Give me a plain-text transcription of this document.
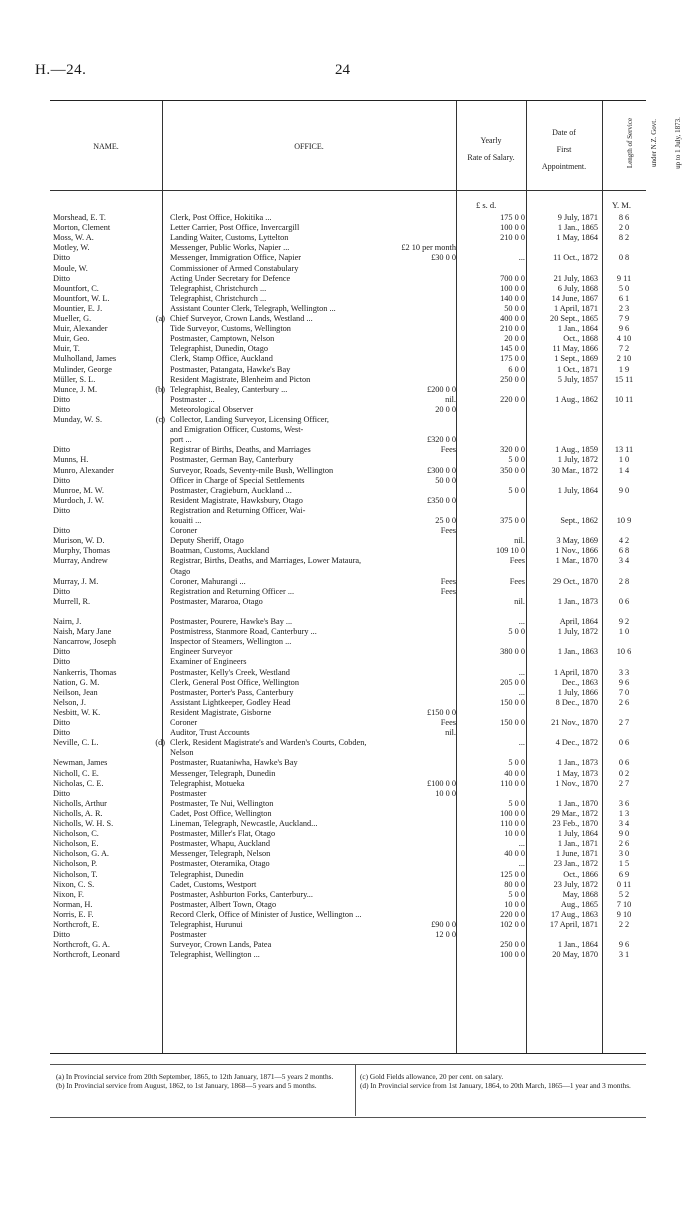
H.—24.	24
NAME.	OFFICE.
Yearly
Rate of Salary.
Date of
First
Appointment.

	Length of Service

under N.Z. Govt.

up to 1 July, 1873.

£ s. d.	Y. M.
Morshead, E. T.	Clerk, Post Office, Hokitika ...	175 0 0	9 July, 1871	8 6
Morton, Clement	Letter Carrier, Post Office, Invercargill	100 0 0	1 Jan., 1865	2 0
Moss, W. A.	Landing Waiter, Customs, Lyttelton	210 0 0	1 May, 1864	8 2
Motley, W.	Messenger, Public Works, Napier ...	£2 10 per month
Ditto	Messenger, Immigration Office, Napier	£30 0 0	...	11 Oct., 1872	0 8
Moule, W.	Commissioner of Armed Constabulary
Ditto	Acting Under Secretary for Defence	700 0 0	21 July, 1863	9 11
Mountfort, C.	Telegraphist, Christchurch ...	100 0 0	6 July, 1868	5 0
Mountfort, W. L.	Telegraphist, Christchurch ...	140 0 0	14 June, 1867	6 1
Mountier, E. J.	Assistant Counter Clerk, Telegraph, Wellington ...	50 0 0	1 April, 1871	2 3
Mueller, G.	(a) Chief Surveyor, Crown Lands, Westland ...	400 0 0	20 Sept., 1865	7 9
Muir, Alexander	Tide Surveyor, Customs, Wellington	210 0 0	1 Jan., 1864	9 6
Muir, Geo.	Postmaster, Camptown, Nelson	20 0 0	Oct., 1868	4 10
Muir, T.	Telegraphist, Dunedin, Otago	145 0 0	11 May, 1866	7 2
Mulholland, James	Clerk, Stamp Office, Auckland	175 0 0	1 Sept., 1869	2 10
Mulinder, George	Postmaster, Patangata, Hawke's Bay	6 0 0	1 Oct., 1871	1 9
Müller, S. L.	Resident Magistrate, Blenheim and Picton	250 0 0	5 July, 1857	15 11
Munce, J. M.	(b) Telegraphist, Bealey, Canterbury ...	£200 0 0
Ditto	Postmaster ...	nil.	220 0 0	1 Aug., 1862	10 11
Ditto	Meteorological Observer	20 0 0
Munday, W. S.	(c) Collector, Landing Surveyor, Licensing Officer,
and Emigration Officer, Customs, West-
port ...	£320 0 0
Ditto	Registrar of Births, Deaths, and Marriages	Fees	320 0 0	1 Aug., 1859	13 11
Munns, H.	Postmaster, German Bay, Canterbury	5 0 0	1 July, 1872	1 0
Munro, Alexander	Surveyor, Roads, Seventy-mile Bush, Wellington	£300 0 0	350 0 0	30 Mar., 1872	1 4
Ditto	Officer in Charge of Special Settlements	50 0 0
Munroe, M. W.	Postmaster, Cragieburn, Auckland ...	5 0 0	1 July, 1864	9 0
Murdoch, J. W.	Resident Magistrate, Hawksbury, Otago	£350 0 0
Ditto	Registration and Returning Officer, Wai-
kouaiti ...	25 0 0	375 0 0	Sept., 1862	10 9
Ditto	Coroner	Fees
Murison, W. D.	Deputy Sheriff, Otago	nil.	3 May, 1869	4 2
Murphy, Thomas	Boatman, Customs, Auckland	109 10 0	1 Nov., 1866	6 8
Murray, Andrew	Registrar, Births, Deaths, and Marriages, Lower Mataura,	Fees	1 Mar., 1870	3 4
Otago
Murray, J. M.	Coroner, Mahurangi ...	Fees	Fees	29 Oct., 1870	2 8
Ditto	Registration and Returning Officer ...	Fees
Murrell, R.	Postmaster, Mararoa, Otago	nil.	1 Jan., 1873	0 6
Nairn, J.	Postmaster, Pourere, Hawke's Bay ...	...	April, 1864	9 2
Naish, Mary Jane	Postmistress, Stanmore Road, Canterbury ...	5 0 0	1 July, 1872	1 0
Nancarrow, Joseph	Inspector of Steamers, Wellington ...
Ditto	Engineer Surveyor	380 0 0	1 Jan., 1863	10 6
Ditto	Examiner of Engineers
Nankerris, Thomas	Postmaster, Kelly's Creek, Westland	...	1 April, 1870	3 3
Nation, G. M.	Clerk, General Post Office, Wellington	205 0 0	Dec., 1863	9 6
Neilson, Jean	Postmaster, Porter's Pass, Canterbury	...	1 July, 1866	7 0
Nelson, J.	Assistant Lightkeeper, Godley Head	150 0 0	8 Dec., 1870	2 6
Nesbitt, W. K.	Resident Magistrate, Gisborne	£150 0 0
Ditto	Coroner	Fees	150 0 0	21 Nov., 1870	2 7
Ditto	Auditor, Trust Accounts	nil.
Neville, C. L.	(d) Clerk, Resident Magistrate's and Warden's Courts, Cobden,	...	4 Dec., 1872	0 6
Nelson
Newman, James	Postmaster, Ruataniwha, Hawke's Bay	5 0 0	1 Jan., 1873	0 6
Nicholl, C. E.	Messenger, Telegraph, Dunedin	40 0 0	1 May, 1873	0 2
Nicholas, C. E.	Telegraphist, Motueka	£100 0 0	110 0 0	1 Nov., 1870	2 7
Ditto	Postmaster	10 0 0
Nicholls, Arthur	Postmaster, Te Nui, Wellington	5 0 0	1 Jan., 1870	3 6
Nicholls, A. R.	Cadet, Post Office, Wellington	100 0 0	29 Mar., 1872	1 3
Nicholls, W. H. S.	Lineman, Telegraph, Newcastle, Auckland...	110 0 0	23 Feb., 1870	3 4
Nicholson, C.	Postmaster, Miller's Flat, Otago	10 0 0	1 July, 1864	9 0
Nicholson, E.	Postmaster, Whapu, Auckland	...	1 Jan., 1871	2 6
Nicholson, G. A.	Messenger, Telegraph, Nelson	40 0 0	1 June, 1871	3 0
Nicholson, P.	Postmaster, Oteramika, Otago	...	23 Jan., 1872	1 5
Nicholson, T.	Telegraphist, Dunedin	125 0 0	Oct., 1866	6 9
Nixon, C. S.	Cadet, Customs, Westport	80 0 0	23 July, 1872	0 11
Nixon, F.	Postmaster, Ashburton Forks, Canterbury...	5 0 0	May, 1868	5 2
Norman, H.	Postmaster, Albert Town, Otago	10 0 0	Aug., 1865	7 10
Norris, E. F.	Record Clerk, Office of Minister of Justice, Wellington ...	220 0 0	17 Aug., 1863	9 10
Northcroft, E.	Telegraphist, Hurunui	£90 0 0	102 0 0	17 April, 1871	2 2
Ditto	Postmaster	12 0 0
Northcroft, G. A.	Surveyor, Crown Lands, Patea	250 0 0	1 Jan., 1864	9 6
Northcroft, Leonard	Telegraphist, Wellington ...	100 0 0	20 May, 1870	3 1
(a) In Provincial service from 20th September, 1865, to 12th January, 1871—5 years 2 months.
(b) In Provincial service from August, 1862, to 1st January, 1868—5 years and 5 months.
(c) Gold Fields allowance, 20 per cent. on salary.
(d) In Provincial service from 1st January, 1864, to 20th March, 1865—1 year and 3 months.
